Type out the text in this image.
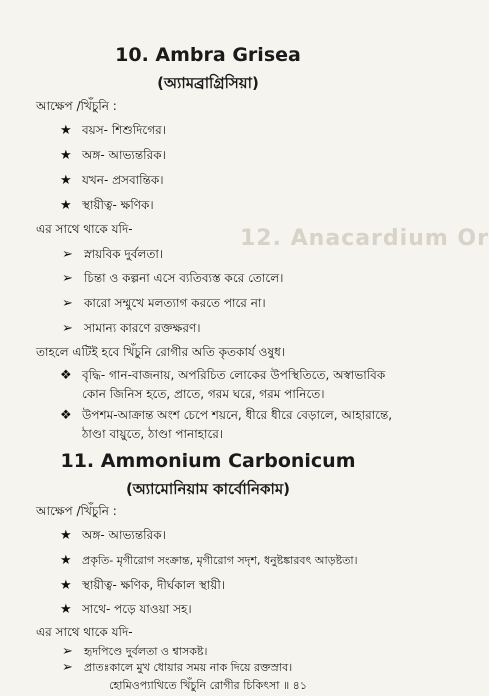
12. Anacardium Or
10. Ambra Grisea
(অ্যামব্রাগ্রিসিয়া)
আক্ষেপ /খিঁচুনি :
★ বয়স- শিশুদিগের।
★ অঙ্গ- আভ্যন্তরিক।
★ যখন- প্রসবান্তিক।
★ স্থায়ীত্ব- ক্ষণিক।
এর সাথে থাকে যদি-
➢ স্নায়বিক দুর্বলতা।
➢ চিন্তা ও কল্পনা এসে ব্যতিব্যস্ত করে তোলে।
➢ কারো সম্মুখে মলত্যাগ করতে পারে না।
➢ সামান্য কারণে রক্তক্ষরণ।
তাহলে এটিই হবে খিঁচুনি রোগীর অতি কৃতকার্য ওষুধ।
❖ বৃদ্ধি- গান-বাজনায়, অপরিচিত লোকের উপস্থিতিতে, অস্বাভাবিক
কোন জিনিস হতে, প্রাতে, গরম ঘরে, গরম পানিতে।
❖ উপশম-আক্রান্ত অংশ চেপে শয়নে, ধীরে ধীরে বেড়ালে, আহারান্তে,
ঠাণ্ডা বায়ুতে, ঠাণ্ডা পানাহারে।
11. Ammonium Carbonicum
(অ্যামোনিয়াম কার্বোনিকাম)
আক্ষেপ /খিঁচুনি :
★ অঙ্গ- আভ্যন্তরিক।
★ প্রকৃতি- মৃগীরোগ সংক্রান্ত, মৃগীরোগ সদৃশ, ধনুষ্টঙ্কারবৎ আড়ষ্টতা।
★ স্থায়ীত্ব- ক্ষণিক, দীর্ঘকাল স্থায়ী।
★ সাথে- পড়ে যাওয়া সহ।
এর সাথে থাকে যদি-
➢ হৃদপিণ্ডে দুর্বলতা ও শ্বাসকষ্ট।
➢ প্রাতঃকালে মুখ ধোয়ার সময় নাক দিয়ে রক্তস্রাব।
হোমিওপ্যাথিতে খিঁচুনি রোগীর চিকিৎসা ॥ ৪১
